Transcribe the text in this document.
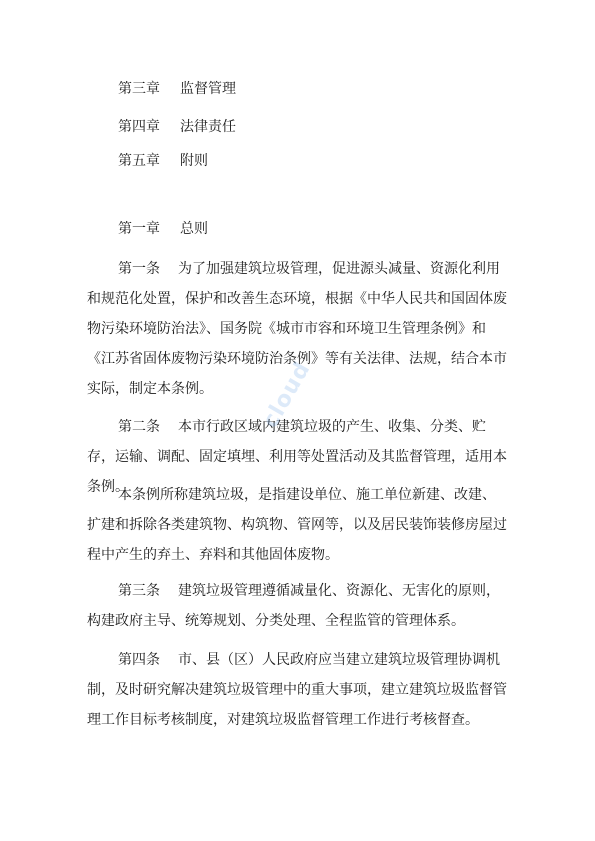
第三章 监督管理
第四章 法律责任
第五章 附则
第一章 总则
第一条 为了加强建筑垃圾管理，促进源头减量、资源化利用和规范化处置，保护和改善生态环境，根据《中华人民共和国固体废物污染环境防治法》、国务院《城市市容和环境卫生管理条例》和《江苏省固体废物污染环境防治条例》等有关法律、法规，结合本市实际，制定本条例。
第二条 本市行政区域内建筑垃圾的产生、收集、分类、贮存，运输、调配、固定填埋、利用等处置活动及其监督管理，适用本条例。
本条例所称建筑垃圾，是指建设单位、施工单位新建、改建、扩建和拆除各类建筑物、构筑物、管网等，以及居民装饰装修房屋过程中产生的弃土、弃料和其他固体废物。
第三条 建筑垃圾管理遵循减量化、资源化、无害化的原则，构建政府主导、统筹规划、分类处理、全程监管的管理体系。
第四条 市、县（区）人民政府应当建立建筑垃圾管理协调机制，及时研究解决建筑垃圾管理中的重大事项，建立建筑垃圾监督管理工作目标考核制度，对建筑垃圾监督管理工作进行考核督查。
cloud
